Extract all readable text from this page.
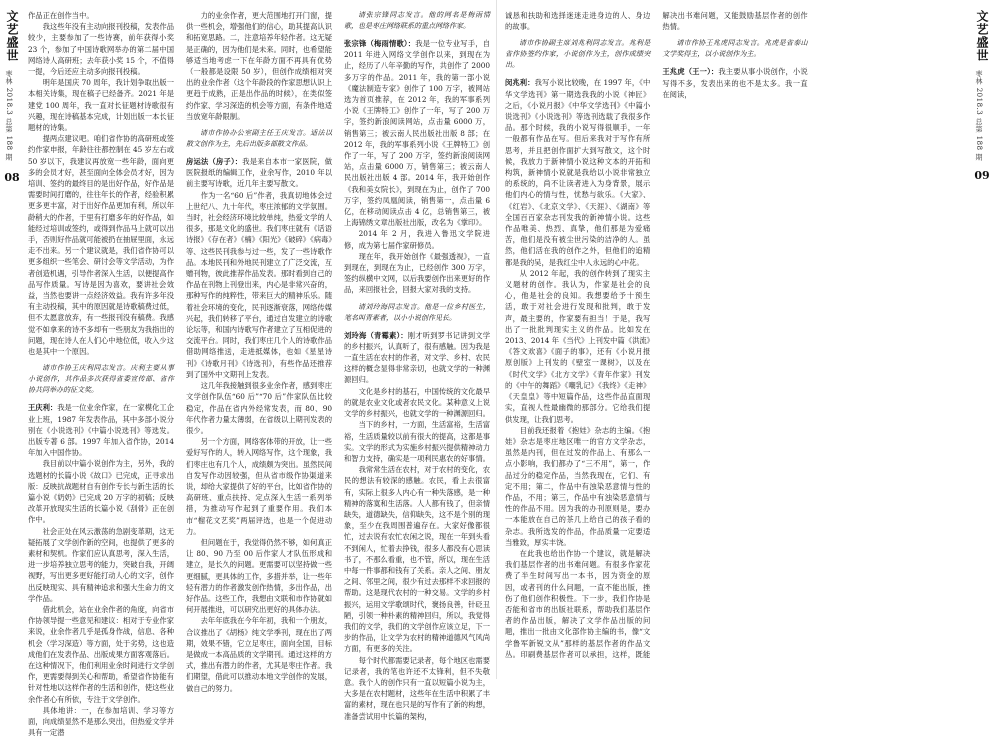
文艺盛世
枣林 2018.3 总第 188 期
08

作品正在创作当中。

我这些年没有主动向报刊投稿，发表作品较少，主要参加了一些诗赛，前年获得小奖 23 个，参加了中国诗歌网举办的第二届中国网络诗人高研班；去年获小奖 15 个，不值得一提，今后还应主动多向报刊投稿。

明年是国庆 70 周年，我计划争取出版一本相关诗集，现在稿子已经备齐。2021 年是建党 100 周年，我一直对长征题材诗歌很有兴趣，现在诗稿基本完成，计划出版一本长征题材的诗集。

提两点建议吧。咱们省作协的高研班或签约作家申报，年龄往往都控制在 45 岁左右或 50 岁以下，我建议再放宽一些年龄，面向更多的会员才好，甚至面向全体会员才好，因为培训、签约的最终目的是出好作品，好作品是需要时间打磨的，往往年长的作者，经验积累更多更丰富，对于出好作品更加有利，所以年龄稍大的作者，于里有打磨多年的好作品，如能经过培训或签约，或得到作品马上就可以出手，否则好作品就可能被扔在抽屉里面，永远走不出来。另一个建议就是，我们省作协可以更多组织一些笔会、研讨会等文学活动，为作者创造机遇，引导作者深入生活，以便提高作品写作质量。写诗是因为喜欢，要讲社会效益，当然也要讲一点经济效益。我有许多年没有主动投稿，其中的原因就是诗歌稿费过低，但不太愿意放弃，有一些报刊没有稿费。我感觉不如拿来的诗不多却有一些朋友为我指出的问题，现在诗人在人们心中地位低，收入少这也是其中一个原因。

请市作协王庆利同志发言。庆利主要从事小说创作，其作品多次获得省委宣传部、省作协共同举办的征文奖。

王庆利：我是一位业余作家，在一家模化工企业上班，1987 年发表作品，其中多部小说分别在《小说选刊》《中篇小说选刊》等选发。出版专著 6 部。1997 年加入省作协，2014 年加入中国作协。

我目前以中篇小说创作为主，另外，我的选题材的长篇小说《故口》已完成，正寻求出版：反映抗战题材自有创作专长与新生活的长篇小说《奶奶》已完成 20 万字的初稿；反映改革开放现实生活的长篇小说《刮骨》正在创作中。

社会正处在风云激荡的急剧变革期，这无疑拓展了文学创作新的空间，也提供了更多的素材和契机。作家们应认真思考，深入生活，进一步培养独立思考的能力，突破自我，开阔视野，写出更多更好能打动人心的文字，创作出反映现实、具有精神追求和强大生命力的文学作品。

借此机会，站在业余作者的角度，向省市作协领导提一些意见和建议：相对于专业作家来说，业余作者几乎是孤身作战，信息、各种机会（学习深造）等方面，处于劣势，这也造成他们在发表作品、出版成果方面客观落后。在这种情况下，他们利用业余时间进行文学创作，更需要得到关心和帮助，希望省作协能有针对性地以这样作者的生活和创作，使这些业余作者心有所依，专注于文学创作。

具体地讲：一，在参加培训、学习等方面，向成绩显然不是那么突出，但热爱文学并具有一定潜

力的业余作者，更大范围地打开门窗，提供一些机会，增强他们的信心，助其提高认识和拓宽思路。二，注意培养年轻作者。这无疑是正确的，因为他们是未来。同时，也希望能够适当地考虑一下在年龄方面不再具有优势（一般都是设限 50 岁），但创作成绩相对突出的业余作者（这个年龄段的作家思想认识上更趋于成熟，正是出作品的时候），在类似签约作家、学习深造的机会等方面，有条件地适当放宽年龄限制。

请市作协办公室副主任王庆发言。适法以散文创作为主，先后出版多部散文作品。

房运法（房子）：我是来自本市一家医院，做医院报纸的编辑工作，业余写作，2010 年以前主要写诗歌，近几年主要写散文。

作为一名“60 后”作者，我真切地体会过上世纪八、九十年代，枣庄浓郁的文学氛围。当时，社会经济环境比较单纯，热爱文学的人很多，那是文化的盛世。我们枣庄就有《话语诗报》《存在者》《楠》《阳光》《破碎》《病毒》等、这些民刊我参与过一些，发了一些诗歌作品。本地民刊和外地民刊建立了广泛交流，互赠刊物，彼此推荐作品发表。那时看到自己的作品在刊物上刊登出来，内心是非常兴奋的，那种写作的纯粹性，带来巨大的精神乐乐。随着社会环境的变化，民刊逐渐衰落，网络传媒兴起，我们转移了平台，通过自发建立的诗歌论坛等，和国内诗歌写作者建立了互相促进的交流平台。同时，我们枣庄几个人的诗歌作品借助网络推送，走进抵媒体，也如《星星诗刊》《诗歌月刊》《诗选刊》，有些作品还推荐到了国外中文期刊上发表。

这几年我接触到很多业余作者，感到枣庄文学创作队伍“60 后”“70 后”作家队伍比较稳定，作品在省内外经常发表，而 80、90 年代作者力量太薄弱，在省级以上期刊发表的很少。

另一个方面，网络客体带的开放，让一些爱好写作的人，转入网络写作，这个现象，我们枣庄也有几个人，成绩颇为突出。虽然民间自发写作动因较强，但从省市级作协渠道来说，却给大家提供了好的平台，比如省作协的高研班、重点扶持、定点深入生活一系列举措，为推动写作起到了重要作用。我们本市“榴花文艺奖”两届评选，也是一个促进动力。

但问题在于，我觉得仍然不够，如何真正让 80、90 乃至 00 后作家人才队伍形成和建立，是长久的问题。更需要可以坚持做一些更细腻，更具体的工作，多措并举，让一些年轻有潜力的作者激发创作热情，多出作品，出好作品。这些工作，我想由文联和市作协就如何开展推进，可以研究出更好的具体办法。

去年年底我在今年年初，我和一个朋友，合议推出了《胡杨》纯文学季刊，现在出了两期，效果不错，它立足枣庄，面向全国，目标是做成一本高品质的文学期刊。通过这样的方式，推出有潜力的作者，尤其是枣庄作者。我们期望，借此可以推动本地文学创作的发展，做自己的努力。

请张宗锋同志发言。他的网名是梅雨情歌，也是枣庄网络联系的重点网络作家。

张宗锋（梅雨情歌）：我是一位专业写手，自 2011 年进入网络文学创作以来，到现在为止，经历了八年辛勤的写作，共创作了 2000 多万字的作品。2011 年，我的第一部小说《魔法制造专家》创作了 100 万字，被网站选为首页推荐，在 2012 年，我的军事系列小说《王牌特工》创作了一年，写了 200 万字，签约新浪阅读网站，点击量 6000 万，销售第三；被云南人民出版社出版 8 部；在 2012 年，我的军事系列小说《王牌特工》创作了一年，写了 200 万字，签约新浪阅读网站，点击量 6000 万，销售第三；被云南人民出版社出版 4 部。2014 年，我开始创作《我和美女院长》，到现在为止，创作了 700 万字，签约凤凰阅读，销售第一，点击量 6 亿，在移动阅读点击 4 亿，总销售第三，被上海锦绣文章出版社出版，改名为《掌印》。

2014 年 2 月，我进入鲁迅文学院进修，成为第七届作家研修员。

现在年，我开始创作《最强透视》，一直到现在，到现在为止，已经创作 300 万字，签约纵横中文网，以后我要创作出来更好的作品，来回报社会，回报大家对我的支持。

请刘玲海同志发言。他是一位乡村医生，笔名叫青素者，以小小说创作见长。

刘玲海（青霉素）：刚才听到罗书记讲到文学的乡村振兴，认真听了，很有感触。因为我是一直生活在农村的作者，对文学、乡村、农民这样的概念显得非常亲切，也就文学的一种渊源回归。

文化是乡村的基石，中国传统的文化最早的就是农业文化或者农民文化。某种意义上说文学的乡村振兴，也就文学的一种渊源回归。

当下的乡村，一方面，生活富裕，生活富裕，生活质量较以前有很大的提高，这都是事实。文学的形式为实施乡村振兴提供精神动力和智力支持，确实是一项利民惠农的好事情。

我常常生活在农村，对于农村的变化，农民的想法有较深的感触。农民，看上去很富有，实际上很多人内心有一种失落感，是一种精神的落寞和生活落。人人都有钱了，但亲情缺失，道德缺失，信仰缺失，这不是个别的现象，至少在我周围普遍存在。大家好像都很忙，过去说有农忙农闲之说，现在一年到头看不到闲人，忙着去挣钱，很多人都没有心思读书了，不那么看重，也不管，所以，现在生活中每一件事都和钱有了关系。亲人之间、朋友之间、邻里之间，很少有过去那样不求回报的帮助。这是现代农村的一种交易。文学的乡村振兴，运用文学歌颂时代，褒扬良善，针砭丑陋，引领一种朴素的精神回归，所以，我觉得我们的文学，我们的文学创作应该立足，下一步的作品，让文学为农村的精神道德风气风尚方面，有更多的关注。

每个时代都需要记录者，每个地区也需要记录者，我的笔也许还不太锋利，但不失敬意。我个人的创作只有一直以短篇小说为主，大多是在农村题材，这些年在生活中积累了丰富的素材，现在也只是的写作有了新的构想，准备尝试用中长篇的架构，

文艺盛世
枣林 2018.3 总第 188 期
09

诚恳和扶助和选择迷迷走进身边的人、身边的故事。

请市作协副主席刘兆利同志发言。兆利是省作协签约作家，小说创作为主，创作成绩突出。

闵兆利：我写小说比较晚，在 1997 年，《中华文学选刊》第一期选我我的小说《神匠》之后，《小说月报》《中华文学选刊》《中篇小说选刊》《小说选刊》等选刊选载了我很多作品。那个时候，我的小说写得很顺手，一年一般都有作品在写。但后来我对于写作有所思考，并且把创作面扩大到写散文，这个时候，我放力于新神情小说这种文本的开拓和构筑，新神情小说就是我给以小说非常独立的系统的，尚不让读者进入为身背景，展示他们内心的情与性，忧愁与欲乐。《大家》、《红岩》、《北京文学》、《天涯》、《湖南》等全国百百家杂志刊发我的新神情小说。这些作品唯美、热烈、真挚，他们那是为爱痛苦，他们是没有被尘世污染的洁净的人。虽然，他们活在我的创作之外，但他们的追精都是我的吴，是我红尘中人永远的心中花。

从 2012 年起，我的创作转到了现实主义题材的创作。我认为，作家是社会的良心，他是社会的良知。我想要给予十预生活，敢于对社会进行发现和批判，敢于发声，最主要的，作家要有担当！于是，我写出了一批批判现实主义的作品。比如发在 2013、2014 年《当代》上刊发中篇《洪流》《答文欢喜》《面子的事》，还有《小说月报原创版》上刊发的《壁室一课树》，以及在《时代文学》《北方文学》《青年作家》刊发的《中午的舞蹈》《嘲乳记》《我终》《走神》《天皇皇》等中短篇作品，这些作品直面现实，直视人性最幽微的那部分。它给我们提供发现，让我们思考。

目前我还报着《抱娃》杂志的主编。《抱娃》杂志是枣庄地区唯一的官方文学杂志，虽然是内刊，但在过发的作品上、有那么一点小影响，我们都办了“三不用”，第一，作品过分的稳定作品，当然我现在，它们、有定不用；第二，作品中有浊染恶意情与性的作品，不用；第三，作品中有浊染恶意情与性的作品不用。因为我的办刊原则是，要办一本能放在自己的茶几上给自己的孩子看的杂志。我所选发的作品，作品质量一定要适当雅致，厚实丰饶。

在此我也给出作协一个建议，就是解决我们基层作者的出书难问题。有很多作家花费了半生时间写出一本书，因为资金的原因，或者刊的什么问题，一直不能出版，挫伤了他们创作积极性。下一步，我们作协是否能和省市的出版社联系，帮助我们基层作者的作品出版，解决了文学作品出版的问题，推出一批由文化部作协主编的书，像“文学鲁军新锐文从”那样的基层作者的作品文丛。印刷费基层作者可以承担，这样，既能解决出书难问题，又能鼓励基层作者的创作热情。

请市作协王兆虎同志发言。兆虎是省泰山文学奖得主，以小说创作为主。

王兆虎（王一）：我主要从事小说创作，小说写得不多，发表出来的也不是太多。我一直在阅读，
